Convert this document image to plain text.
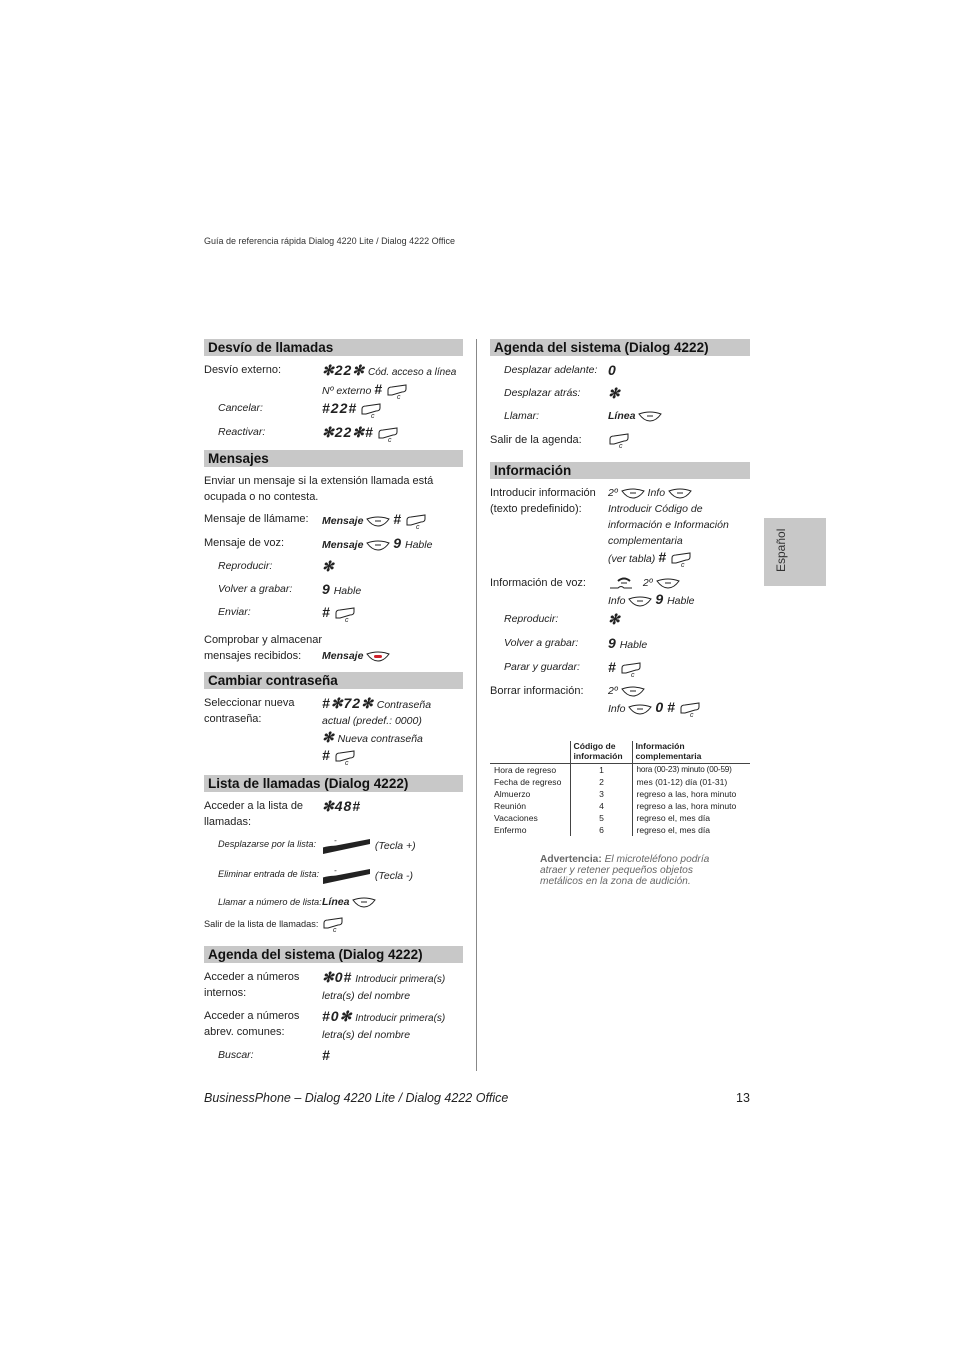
Guía de referencia rápida Dialog 4220 Lite / Dialog 4222 Office
Desvío de llamadas
Desvío externo:	✻22✻ Cód. acceso a línea
Nº externo #
c
Cancelar:	#22#
c
Reactivar:	✻22✻#
c
Mensajes
Enviar un mensaje si la extensión llamada está ocupada o no contesta.
Mensaje de llámame:	Mensaje #
c
Mensaje de voz:	Mensaje 9 Hable
Reproducir:	✻
Volver a grabar:	9 Hable
Enviar:	#
c
Comprobar y almacenar mensajes recibidos:	Mensaje
Cambiar contraseña
Seleccionar nueva contraseña:
#✻72✻ Contraseña
actual (predef.: 0000)
✻ Nueva contraseña
#
c
Lista de llamadas (Dialog 4222)
Acceder a la lista de llamadas:
✻48#
Desplazarse por la lista:	-	(Tecla +)
Eliminar entrada de lista:	-	(Tecla -)
Llamar a número de lista: Línea
Salir de la lista de llamadas:
c
Agenda del sistema (Dialog 4222)
Acceder a números internos:
✻0# Introducir primera(s)
letra(s) del nombre
Acceder a números abrev. comunes:
#0✻ Introducir primera(s)
letra(s) del nombre
Buscar:	#
Agenda del sistema (Dialog 4222)
Desplazar adelante: 0
Desplazar atrás:	✻
Llamar:	Línea
Salir de la agenda:
c
Información
Introducir información (texto predefinido):
2º	Info
Introducir Código de información e Información complementaria
(ver tabla) #
c
Información de voz:	2º
Info 9 Hable
Reproducir:	✻
Volver a grabar:	9 Hable
Parar y guardar:	#
c
Borrar información:	2º
Info 0 #
c
	Código de información	Información complementaria
Hora de regreso	1	hora (00-23) minuto (00-59)
Fecha de regreso	2	mes (01-12) día (01-31)
Almuerzo	3	regreso a las, hora minuto
Reunión	4	regreso a las, hora minuto
Vacaciones	5	regreso el, mes día
Enfermo	6	regreso el, mes día
Advertencia: El microteléfono podría atraer y retener pequeños objetos metálicos en la zona de audición.
Español
BusinessPhone – Dialog 4220 Lite / Dialog 4222 Office	13
